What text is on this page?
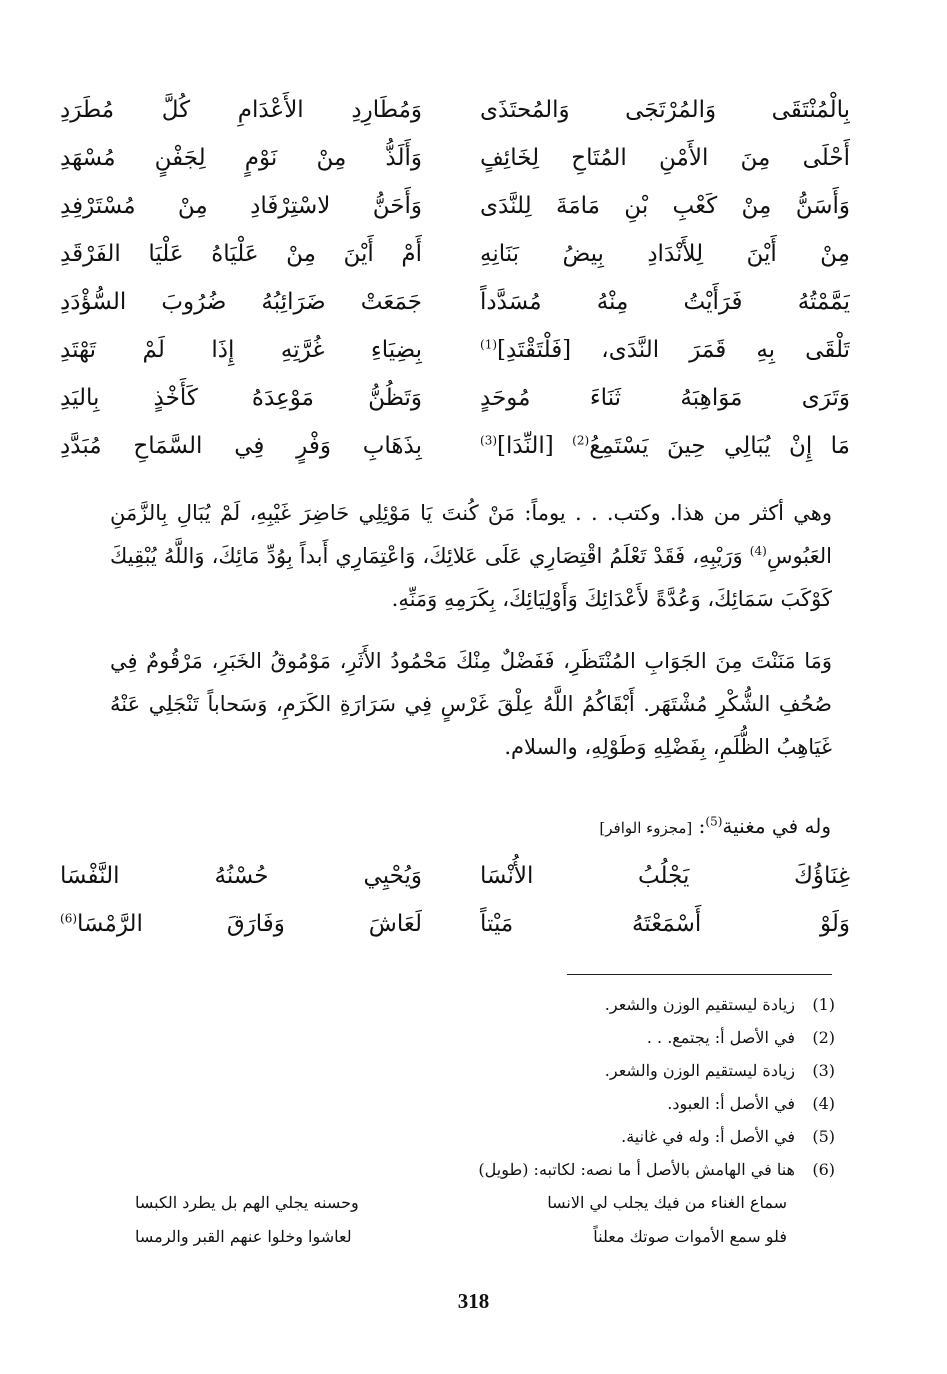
بِالْمُنْتَقَى وَالمُرْتَجَى وَالمُحتَذَى
وَمُطَارِدِ الأَعْدَامِ كُلَّ مُطَرَدِ
أَحْلَى مِنَ الأَمْنِ المُتَاحِ لِخَائِفٍ
وَأَلَذُّ مِنْ نَوْمٍ لِجَفْنٍ مُسْهَدِ
وَأَسَنُّ مِنْ كَعْبِ بْنِ مَامَةَ لِلنَّدَى
وَأَحَنُّ لاسْتِرْفَادِ مِنْ مُسْتَرْفِدِ
مِنْ أَيْنَ لِلأَنْدَادِ بِيضُ بَنَانِهِ
أَمْ أَيْنَ مِنْ عَلْيَاهُ عَلْيَا الفَرْقَدِ
يَمَّمْتُهُ فَرَأَيْتُ مِنْهُ مُسَدَّداً
جَمَعَتْ ضَرَائِبُهُ ضُرُوبَ السُّؤْدَدِ
تَلْقَى بِهِ قَمَرَ النَّدَى، [فَلْتَقْتَدِ]$^{(1)}$
بِضِيَاءِ غُرَّتِهِ إِذَا لَمْ تَهْتَدِ
وَتَرَى مَوَاهِبَهُ ثَنَاءَ مُوحَدٍ
وَتَظُنُّ مَوْعِدَهُ كَأَخْذٍ بِاليَدِ
مَا إِنْ يُبَالِي حِينَ يَسْتَمِعُ$^{(2)}$ [النِّدَا]$^{(3)}$
بِذَهَابِ وَفْرٍ فِي السَّمَاحِ مُبَدَّدِ
وهي أكثر من هذا. وكتب. . . يوماً: مَنْ كُنتَ يَا مَوْئِلِي حَاضِرَ غَيْبِهِ، لَمْ يُبَالِ بِالزَّمَنِ العَبُوسِ$^{(4)}$ وَرَيْبِهِ، فَقَدْ تَعْلَمُ اقْتِصَارِي عَلَى عَلائِكَ، وَاعْتِمَارِي أَبداً بِوُدِّ مَائِكَ، وَاللَّهُ يُبْقِيكَ كَوْكَبَ سَمَائِكَ، وَعُدَّةً لأَعْدَائِكَ وَأَوْلِيَائِكَ، بِكَرَمِهِ وَمَنِّهِ.
وَمَا مَنَنْتَ مِنَ الجَوَابِ المُنْتَظَرِ، فَفَضْلٌ مِنْكَ مَحْمُودُ الأَثَرِ، مَوْمُوقُ الخَبَرِ، مَرْقُومٌ فِي صُحُفِ الشُّكْرِ مُشْتَهَر. أَبْقَاكُمُ اللَّهُ عِلْقَ غَرْسٍ فِي سَرَارَةِ الكَرَمِ، وَسَحاباً تَنْجَلِي عَنْهُ غَيَاهِبُ الظُّلَمِ، بِفَضْلِهِ وَطَوْلِهِ، والسلام.
وله في مغنية$^{(5)}$: [مجزوء الوافر]
غِنَاؤُكَ يَجْلُبُ الأُنْسَا
وَيُحْيِي حُسْنُهُ النَّفْسَا
وَلَوْ أَسْمَعْتَهُ مَيْتاً
لَعَاشَ وَفَارَقَ الرَّمْسَا$^{(6)}$
(1)زيادة ليستقيم الوزن والشعر.
(2)في الأصل أ: يجتمع. . .
(3)زيادة ليستقيم الوزن والشعر.
(4)في الأصل أ: العبود.
(5)في الأصل أ: وله في غانية.
(6)هنا في الهامش بالأصل أ ما نصه: لكاتبه: (طويل)
سماع الغناء من فيك يجلب لي الانسا
وحسنه يجلي الهم بل يطرد الكبسا
فلو سمع الأموات صوتك معلناً
لعاشوا وخلوا عنهم القبر والرمسا
318
